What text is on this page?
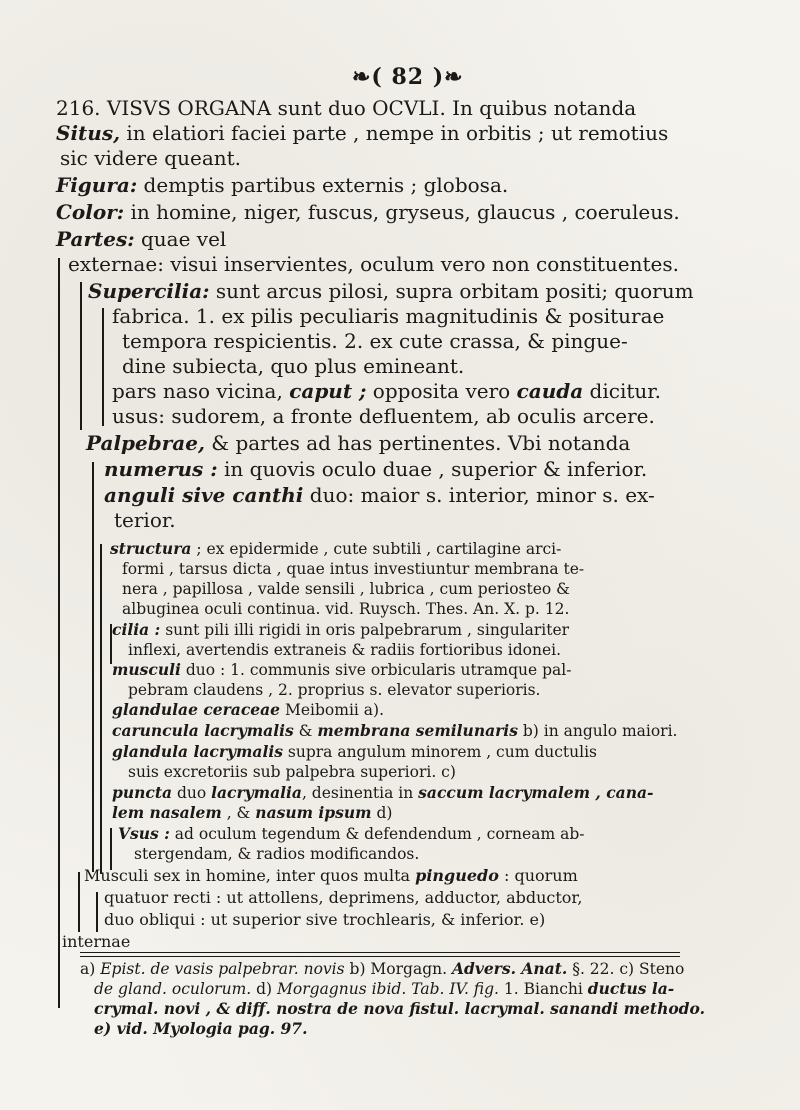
❧( 82 )❧
216. VISVS ORGANA sunt duo OCVLI. In quibus notanda
Situs, in elatiori faciei parte , nempe in orbitis ; ut remotius
sic videre queant.
Figura: demptis partibus externis ; globosa.
Color: in homine, niger, fuscus, gryseus, glaucus , coeruleus.
Partes: quae vel
externae: visui inservientes, oculum vero non constituentes.
Supercilia: sunt arcus pilosi, supra orbitam positi; quorum
fabrica. 1. ex pilis peculiaris magnitudinis & positurae
tempora respicientis. 2. ex cute crassa, & pingue-
dine subiecta, quo plus emineant.
pars naso vicina, caput ; opposita vero cauda dicitur.
usus: sudorem, a fronte defluentem, ab oculis arcere.
Palpebrae, & partes ad has pertinentes. Vbi notanda
numerus : in quovis oculo duae , superior & inferior.
anguli sive canthi duo: maior s. interior, minor s. ex-
terior.
structura ; ex epidermide , cute subtili , cartilagine arci-
formi , tarsus dicta , quae intus investiuntur membrana te-
nera , papillosa , valde sensili , lubrica , cum periosteo &
albuginea oculi continua. vid. Ruysch. Thes. An. X. p. 12.
cilia : sunt pili illi rigidi in oris palpebrarum , singulariter
inflexi, avertendis extraneis & radiis fortioribus idonei.
musculi duo : 1. communis sive orbicularis utramque pal-
pebram claudens , 2. proprius s. elevator superioris.
glandulae ceraceae Meibomii a).
caruncula lacrymalis & membrana semilunaris b) in angulo maiori.
glandula lacrymalis supra angulum minorem , cum ductulis
suis excretoriis sub palpebra superiori. c)
puncta duo lacrymalia, desinentia in saccum lacrymalem , cana-
lem nasalem , & nasum ipsum d)
Vsus : ad oculum tegendum & defendendum , corneam ab-
stergendam, & radios modificandos.
Musculi sex in homine, inter quos multa pinguedo : quorum
quatuor recti : ut attollens, deprimens, adductor, abductor,
duo obliqui : ut superior sive trochlearis, & inferior. e)
internae
a) Epist. de vasis palpebrar. novis b) Morgagn. Advers. Anat. §. 22. c) Steno
de gland. oculorum. d) Morgagnus ibid. Tab. IV. fig. 1. Bianchi ductus la-
crymal. novi , & diff. nostra de nova fistul. lacrymal. sanandi methodo.
e) vid. Myologia pag. 97.
